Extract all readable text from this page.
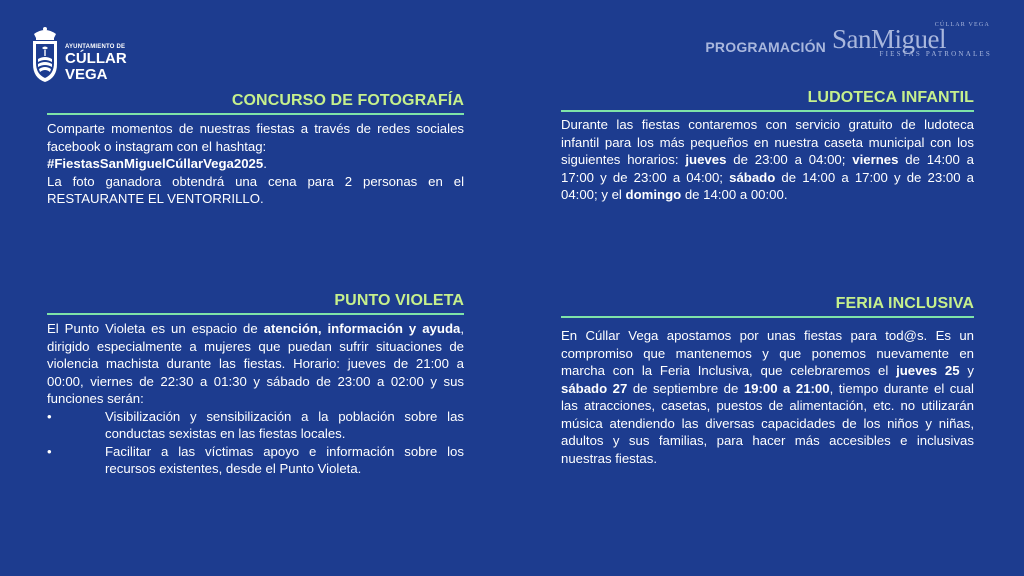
AYUNTAMIENTO DE
CÚLLAR
VEGA
PROGRAMACIÓN
CÚLLAR VEGA
SanMiguel
FIESTAS PATRONALES
CONCURSO DE FOTOGRAFÍA

Comparte momentos de nuestras fiestas a través de redes sociales facebook o instagram con el hashtag:

#FiestasSanMiguelCúllarVega2025.

La foto ganadora obtendrá una cena para 2 personas en el RESTAURANTE EL VENTORRILLO.

LUDOTECA INFANTIL

Durante las fiestas contaremos con servicio gratuito de ludoteca infantil para los más pequeños en nuestra caseta municipal con los siguientes horarios: jueves de 23:00 a 04:00; viernes de 14:00 a 17:00 y de 23:00 a 04:00; sábado de 14:00 a 17:00 y de 23:00 a 04:00; y el domingo de 14:00 a 00:00.

PUNTO VIOLETA

El Punto Violeta es un espacio de atención, información y ayuda, dirigido especialmente a mujeres que puedan sufrir situaciones de violencia machista durante las fiestas. Horario: jueves de 21:00 a 00:00, viernes de 22:30 a 01:30 y sábado de 23:00 a 02:00 y sus funciones serán:

•	Visibilización y sensibilización a la población sobre las conductas sexistas en las fiestas locales.
•	Facilitar a las víctimas apoyo e información sobre los recursos existentes, desde el Punto Violeta.
FERIA INCLUSIVA

En Cúllar Vega apostamos por unas fiestas para tod@s. Es un compromiso que mantenemos y que ponemos nuevamente en marcha con la Feria Inclusiva, que celebraremos el jueves 25 y sábado 27 de septiembre de 19:00 a 21:00, tiempo durante el cual las atracciones, casetas, puestos de alimentación, etc. no utilizarán música atendiendo las diversas capacidades de los niños y niñas, adultos y sus familias, para hacer más accesibles e inclusivas nuestras fiestas.
